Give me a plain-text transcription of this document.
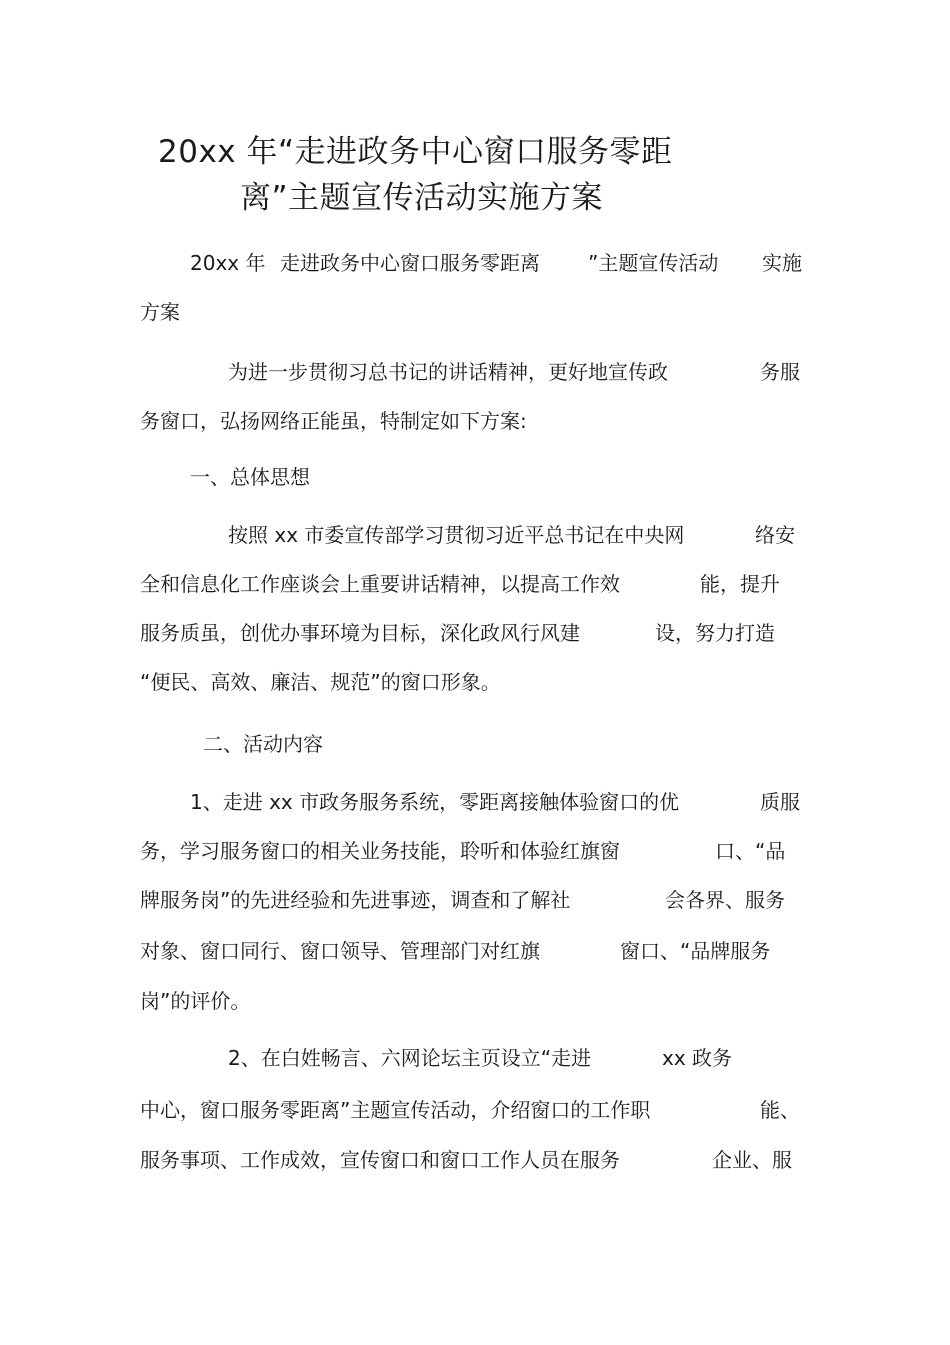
20xx 年“走进政务中心窗口服务零距
离”主题宣传活动实施方案
20xx 年 走进政务中心窗口服务零距离 ”主题宣传活动 实施
方案
为进一步贯彻习总书记的讲话精神，更好地宣传政	务服
务窗口，弘扬网络正能虽，特制定如下方案:
一、总体思想
按照 xx 市委宣传部学习贯彻习近平总书记在中央网	络安
全和信息化工作座谈会上重要讲话精神，以提高工作效	能，提升
服务质虽，创优办事环境为目标，深化政风行风建	设，努力打造
“便民、高效、廉洁、规范”的窗口形象。
二、活动内容
1、走进 xx 市政务服务系统，零距离接触体验窗口的优	质服
务，学习服务窗口的相关业务技能，聆听和体验红旗窗	口、“品
牌服务岗”的先进经验和先进事迹，调查和了解社	会各界、服务
对象、窗口同行、窗口领导、管理部门对红旗	窗口、“品牌服务
岗”的评价。
2、在白姓畅言、六网论坛主页设立“走进	xx 政务
中心，窗口服务零距离”主题宣传活动，介绍窗口的工作职	能、
服务事项、工作成效，宣传窗口和窗口工作人员在服务	企业、服
